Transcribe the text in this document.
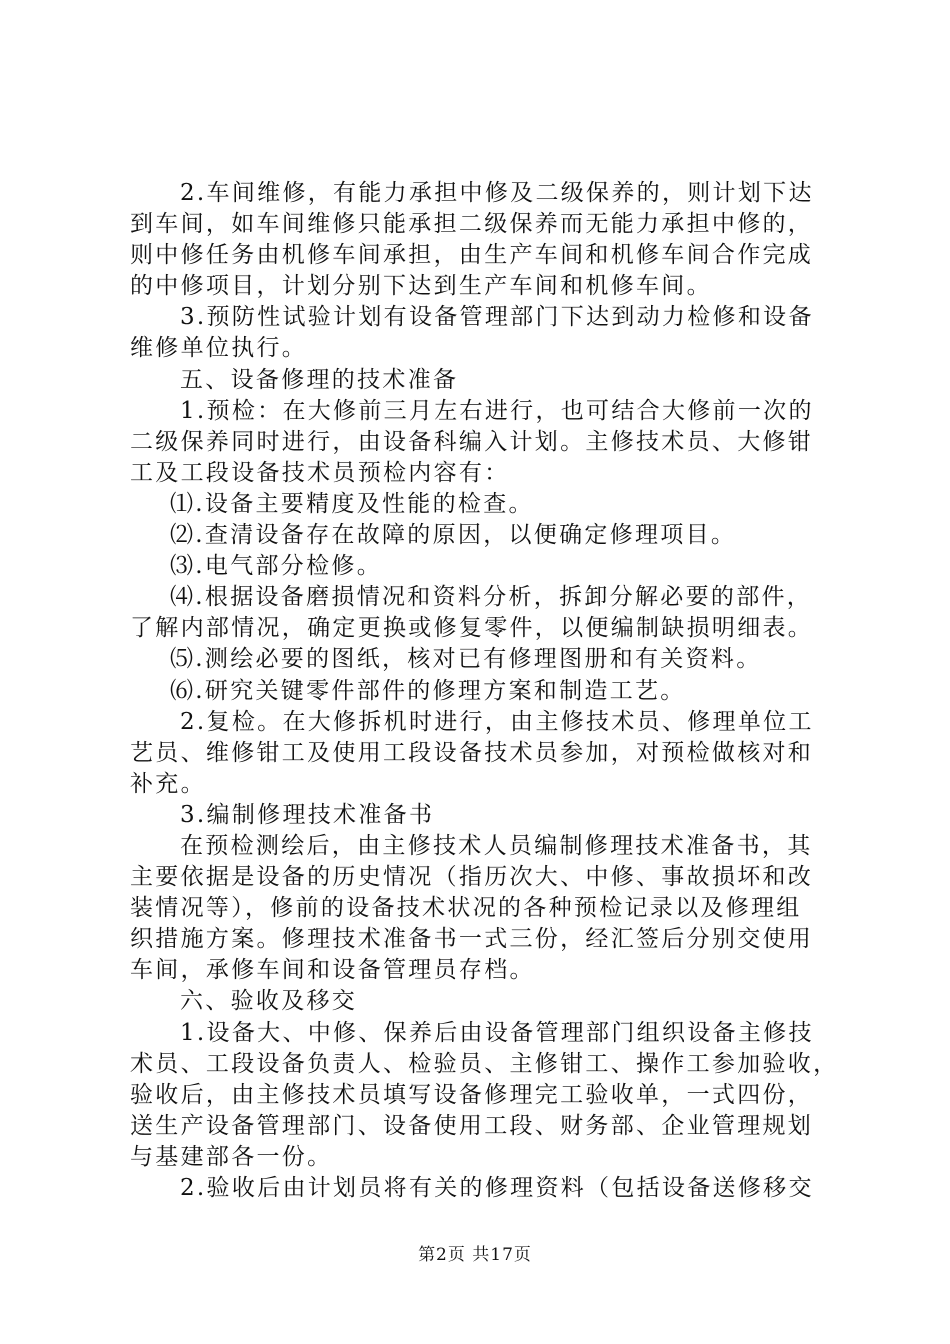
2.车间维修，有能力承担中修及二级保养的，则计划下达
到车间，如车间维修只能承担二级保养而无能力承担中修的，
则中修任务由机修车间承担，由生产车间和机修车间合作完成
的中修项目，计划分别下达到生产车间和机修车间。
3.预防性试验计划有设备管理部门下达到动力检修和设备
维修单位执行。
五、设备修理的技术准备
1.预检：在大修前三月左右进行，也可结合大修前一次的
二级保养同时进行，由设备科编入计划。主修技术员、大修钳
工及工段设备技术员预检内容有：
⑴.设备主要精度及性能的检查。
⑵.查清设备存在故障的原因，以便确定修理项目。
⑶.电气部分检修。
⑷.根据设备磨损情况和资料分析，拆卸分解必要的部件，
了解内部情况，确定更换或修复零件，以便编制缺损明细表。
⑸.测绘必要的图纸，核对已有修理图册和有关资料。
⑹.研究关键零件部件的修理方案和制造工艺。
2.复检。在大修拆机时进行，由主修技术员、修理单位工
艺员、维修钳工及使用工段设备技术员参加，对预检做核对和
补充。
3.编制修理技术准备书
在预检测绘后，由主修技术人员编制修理技术准备书，其
主要依据是设备的历史情况（指历次大、中修、事故损坏和改
装情况等），修前的设备技术状况的各种预检记录以及修理组
织措施方案。修理技术准备书一式三份，经汇签后分别交使用
车间，承修车间和设备管理员存档。
六、验收及移交
1.设备大、中修、保养后由设备管理部门组织设备主修技
术员、工段设备负责人、检验员、主修钳工、操作工参加验收，
验收后，由主修技术员填写设备修理完工验收单，一式四份，
送生产设备管理部门、设备使用工段、财务部、企业管理规划
与基建部各一份。
2.验收后由计划员将有关的修理资料（包括设备送修移交
第2页 共17页
